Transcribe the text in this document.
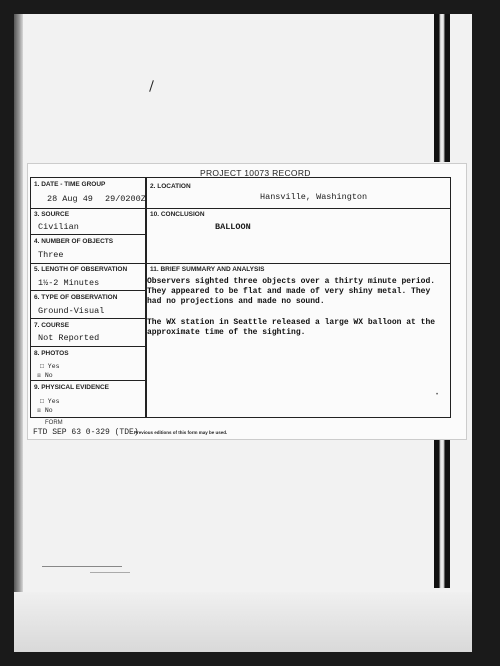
PROJECT 10073 RECORD
1. DATE - TIME GROUP
28 Aug 49 29/0200Z
2. LOCATION
Hansville, Washington
3. SOURCE
Civilian
10. CONCLUSION
BALLOON
4. NUMBER OF OBJECTS
Three
5. LENGTH OF OBSERVATION
1½-2 Minutes
11. BRIEF SUMMARY AND ANALYSIS

Observers sighted three objects over a thirty minute period. They appeared to be flat and made of very shiny metal. They had no projections and made no sound.

The WX station in Seattle released a large WX balloon at the approximate time of the sighting.

6. TYPE OF OBSERVATION
Ground-Visual
7. COURSE
Not Reported
8. PHOTOS
□ Yes
☒ No
9. PHYSICAL EVIDENCE
□ Yes
☒ No
•
FORM
FTD SEP 63 0-329 (TDE)
Previous editions of this form may be used.
